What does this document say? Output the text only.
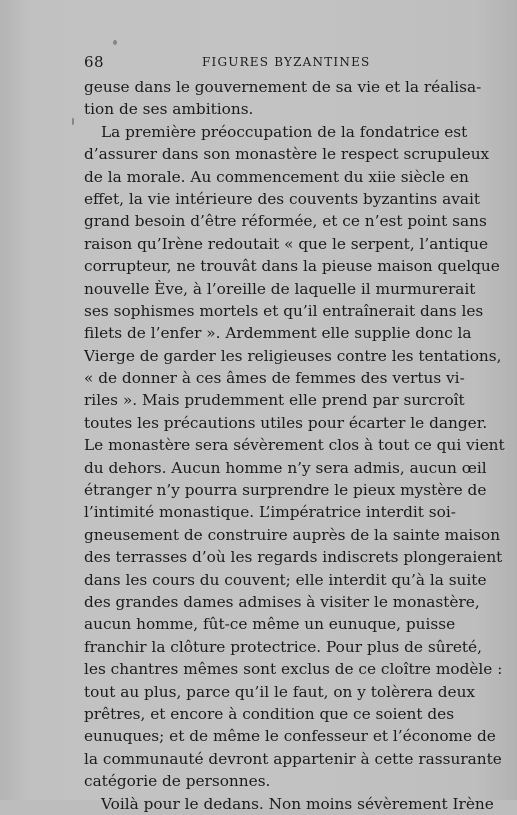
68	FIGURES BYZANTINES
geuse dans le gouvernement de sa vie et la réalisa-
tion de ses ambitions.
La première préoccupation de la fondatrice est
d’assurer dans son monastère le respect scrupuleux
de la morale. Au commencement du xiie siècle en
effet, la vie intérieure des couvents byzantins avait
grand besoin d’être réformée, et ce n’est point sans
raison qu’Irène redoutait « que le serpent, l’antique
corrupteur, ne trouvât dans la pieuse maison quelque
nouvelle Ève, à l’oreille de laquelle il murmurerait
ses sophismes mortels et qu’il entraînerait dans les
filets de l’enfer ». Ardemment elle supplie donc la
Vierge de garder les religieuses contre les tentations,
« de donner à ces âmes de femmes des vertus vi-
riles ». Mais prudemment elle prend par surcroît
toutes les précautions utiles pour écarter le danger.
Le monastère sera sévèrement clos à tout ce qui vient
du dehors. Aucun homme n’y sera admis, aucun œil
étranger n’y pourra surprendre le pieux mystère de
l’intimité monastique. L’impératrice interdit soi-
gneusement de construire auprès de la sainte maison
des terrasses d’où les regards indiscrets plongeraient
dans les cours du couvent; elle interdit qu’à la suite
des grandes dames admises à visiter le monastère,
aucun homme, fût-ce même un eunuque, puisse
franchir la clôture protectrice. Pour plus de sûreté,
les chantres mêmes sont exclus de ce cloître modèle :
tout au plus, parce qu’il le faut, on y tolèrera deux
prêtres, et encore à condition que ce soient des
eunuques; et de même le confesseur et l’économe de
la communauté devront appartenir à cette rassurante
catégorie de personnes.
Voilà pour le dedans. Non moins sévèrement Irène
